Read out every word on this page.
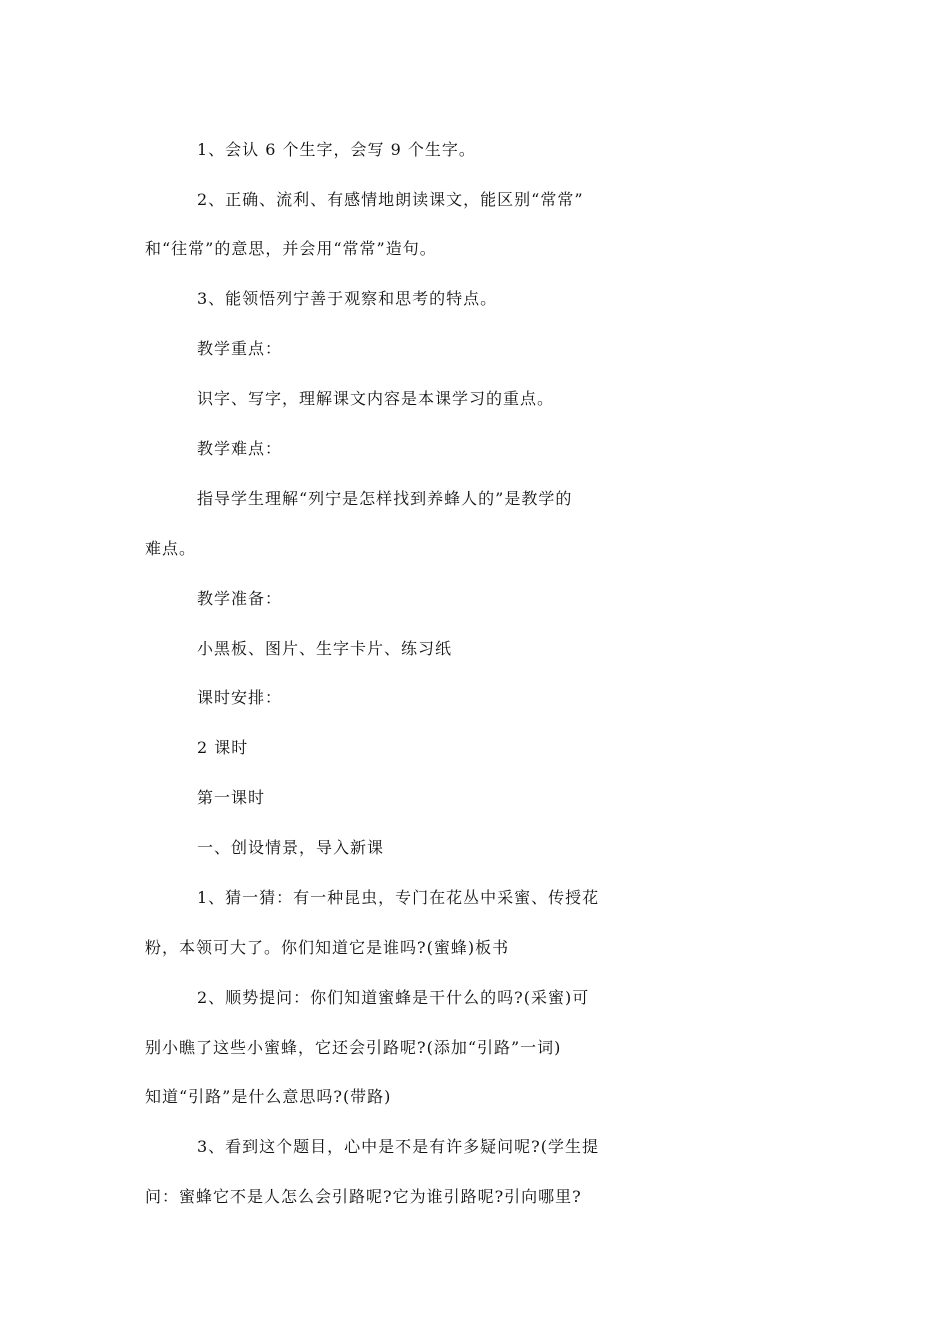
1、会认 6 个生字，会写 9 个生字。
2、正确、流利、有感情地朗读课文，能区别“常常”
和“往常”的意思，并会用“常常”造句。
3、能领悟列宁善于观察和思考的特点。
教学重点：
识字、写字，理解课文内容是本课学习的重点。
教学难点：
指导学生理解“列宁是怎样找到养蜂人的”是教学的
难点。
教学准备：
小黑板、图片、生字卡片、练习纸
课时安排：
2 课时
第一课时
一、创设情景，导入新课
1、猜一猜：有一种昆虫，专门在花丛中采蜜、传授花
粉，本领可大了。你们知道它是谁吗?(蜜蜂)板书
2、顺势提问：你们知道蜜蜂是干什么的吗?(采蜜)可
别小瞧了这些小蜜蜂，它还会引路呢?(添加“引路”一词)
知道“引路”是什么意思吗?(带路)
3、看到这个题目，心中是不是有许多疑问呢?(学生提
问：蜜蜂它不是人怎么会引路呢?它为谁引路呢?引向哪里?
